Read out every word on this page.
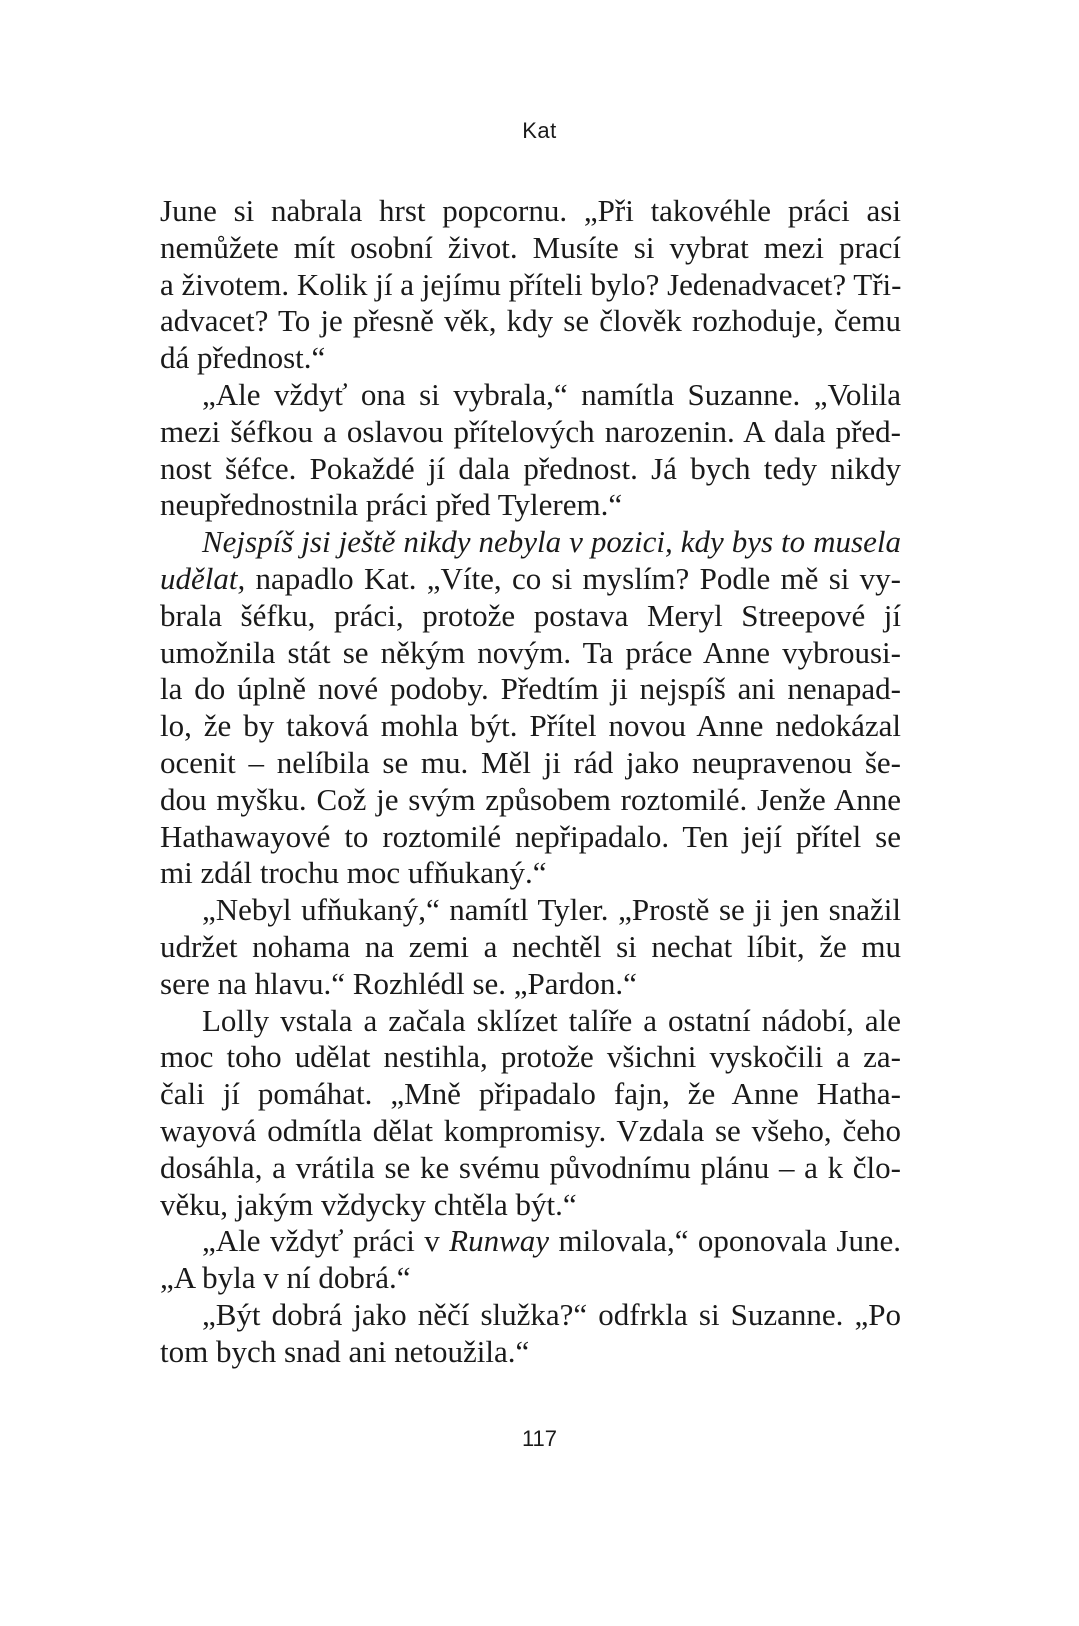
Kat
June si nabrala hrst popcornu. „Při takovéhle práci asi
nemůžete mít osobní život. Musíte si vybrat mezi prací
a životem. Kolik jí a jejímu příteli bylo? Jedenadvacet? Tři-
advacet? To je přesně věk, kdy se člověk rozhoduje, čemu
dá přednost.“
„Ale vždyť ona si vybrala,“ namítla Suzanne. „Volila
mezi šéfkou a oslavou přítelových narozenin. A dala před-
nost šéfce. Pokaždé jí dala přednost. Já bych tedy nikdy
neupřednostnila práci před Tylerem.“
Nejspíš jsi ještě nikdy nebyla v pozici, kdy bys to musela
udělat, napadlo Kat. „Víte, co si myslím? Podle mě si vy-
brala šéfku, práci, protože postava Meryl Streepové jí
umožnila stát se někým novým. Ta práce Anne vybrousi-
la do úplně nové podoby. Předtím ji nejspíš ani nenapad-
lo, že by taková mohla být. Přítel novou Anne nedokázal
ocenit – nelíbila se mu. Měl ji rád jako neupravenou še-
dou myšku. Což je svým způsobem roztomilé. Jenže Anne
Hathawayové to roztomilé nepřipadalo. Ten její přítel se
mi zdál trochu moc ufňukaný.“
„Nebyl ufňukaný,“ namítl Tyler. „Prostě se ji jen snažil
udržet nohama na zemi a nechtěl si nechat líbit, že mu
sere na hlavu.“ Rozhlédl se. „Pardon.“
Lolly vstala a začala sklízet talíře a ostatní nádobí, ale
moc toho udělat nestihla, protože všichni vyskočili a za-
čali jí pomáhat. „Mně připadalo fajn, že Anne Hatha-
wayová odmítla dělat kompromisy. Vzdala se všeho, čeho
dosáhla, a vrátila se ke svému původnímu plánu – a k člo-
věku, jakým vždycky chtěla být.“
„Ale vždyť práci v Runway milovala,“ oponovala June.
„A byla v ní dobrá.“
„Být dobrá jako něčí služka?“ odfrkla si Suzanne. „Po
tom bych snad ani netoužila.“
117
